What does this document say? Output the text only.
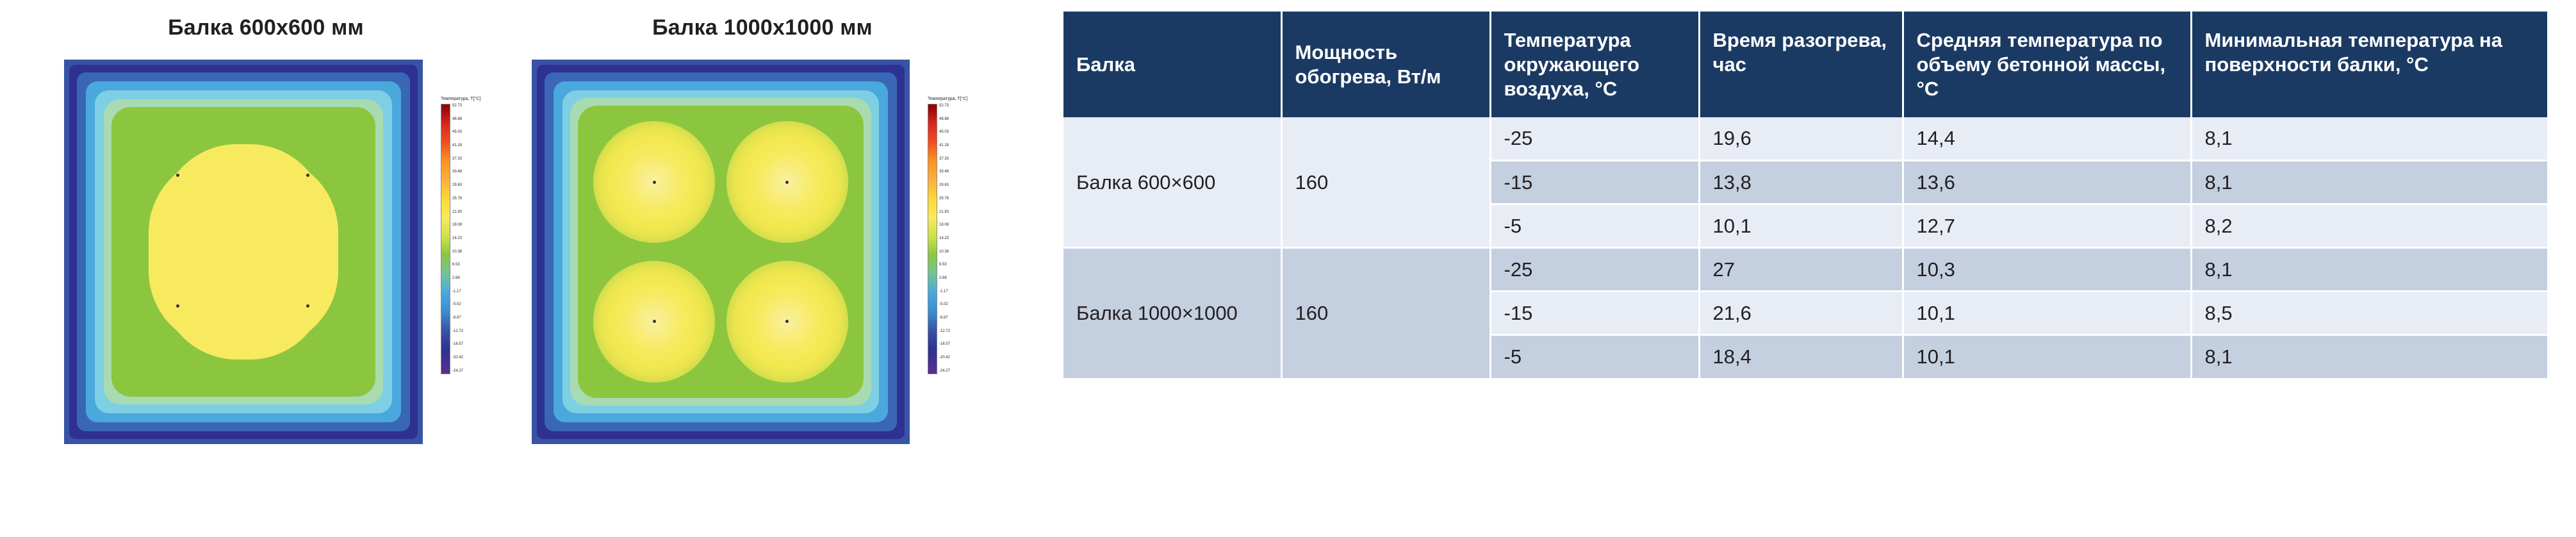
Балка 600х600 мм
Температура, T[°C]
52.73
48.88
45.03
41.18
37.33
33.48
29.63
25.78
21.93
18.08
14.23
10.38
6.53
2.68
-1.17
-5.02
-8.87
-12.72
-16.57
-20.42
-24.27
Балка 1000х1000 мм
Температура, T[°C]
52.73
48.88
45.03
41.18
37.33
33.48
29.63
25.78
21.93
18.08
14.23
10.38
6.53
2.68
-1.17
-5.02
-8.87
-12.72
-16.57
-20.42
-24.27
Балка	Мощность обогрева, Вт/м	Температура окружающего воздуха, °C	Время разогрева, час	Средняя температура по объему бетонной массы, °C	Минимальная температура на поверхности балки, °C
Балка 600×600	160	-25	19,6	14,4	8,1
		-15	13,8	13,6	8,1
		-5	10,1	12,7	8,2
Балка 1000×1000	160	-25	27	10,3	8,1
		-15	21,6	10,1	8,5
		-5	18,4	10,1	8,1
